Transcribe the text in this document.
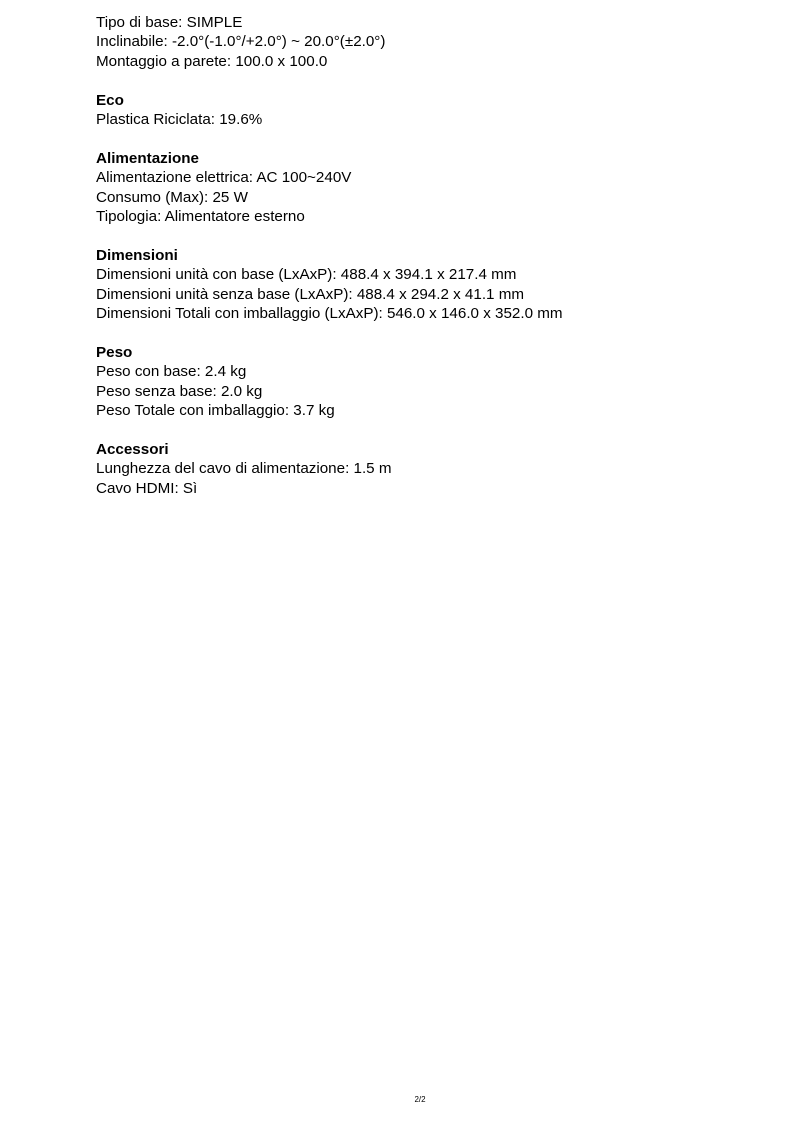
Tipo di base: SIMPLE
Inclinabile: -2.0°(-1.0°/+2.0°) ~ 20.0°(±2.0°)
Montaggio a parete: 100.0 x 100.0
Eco
Plastica Riciclata: 19.6%
Alimentazione
Alimentazione elettrica: AC 100~240V
Consumo (Max): 25 W
Tipologia: Alimentatore esterno
Dimensioni
Dimensioni unità con base (LxAxP): 488.4 x 394.1 x 217.4 mm
Dimensioni unità senza base (LxAxP): 488.4 x 294.2 x 41.1 mm
Dimensioni Totali con imballaggio (LxAxP): 546.0 x 146.0 x 352.0 mm
Peso
Peso con base: 2.4 kg
Peso senza base: 2.0 kg
Peso Totale con imballaggio: 3.7 kg
Accessori
Lunghezza del cavo di alimentazione: 1.5 m
Cavo HDMI: Sì
2/2
